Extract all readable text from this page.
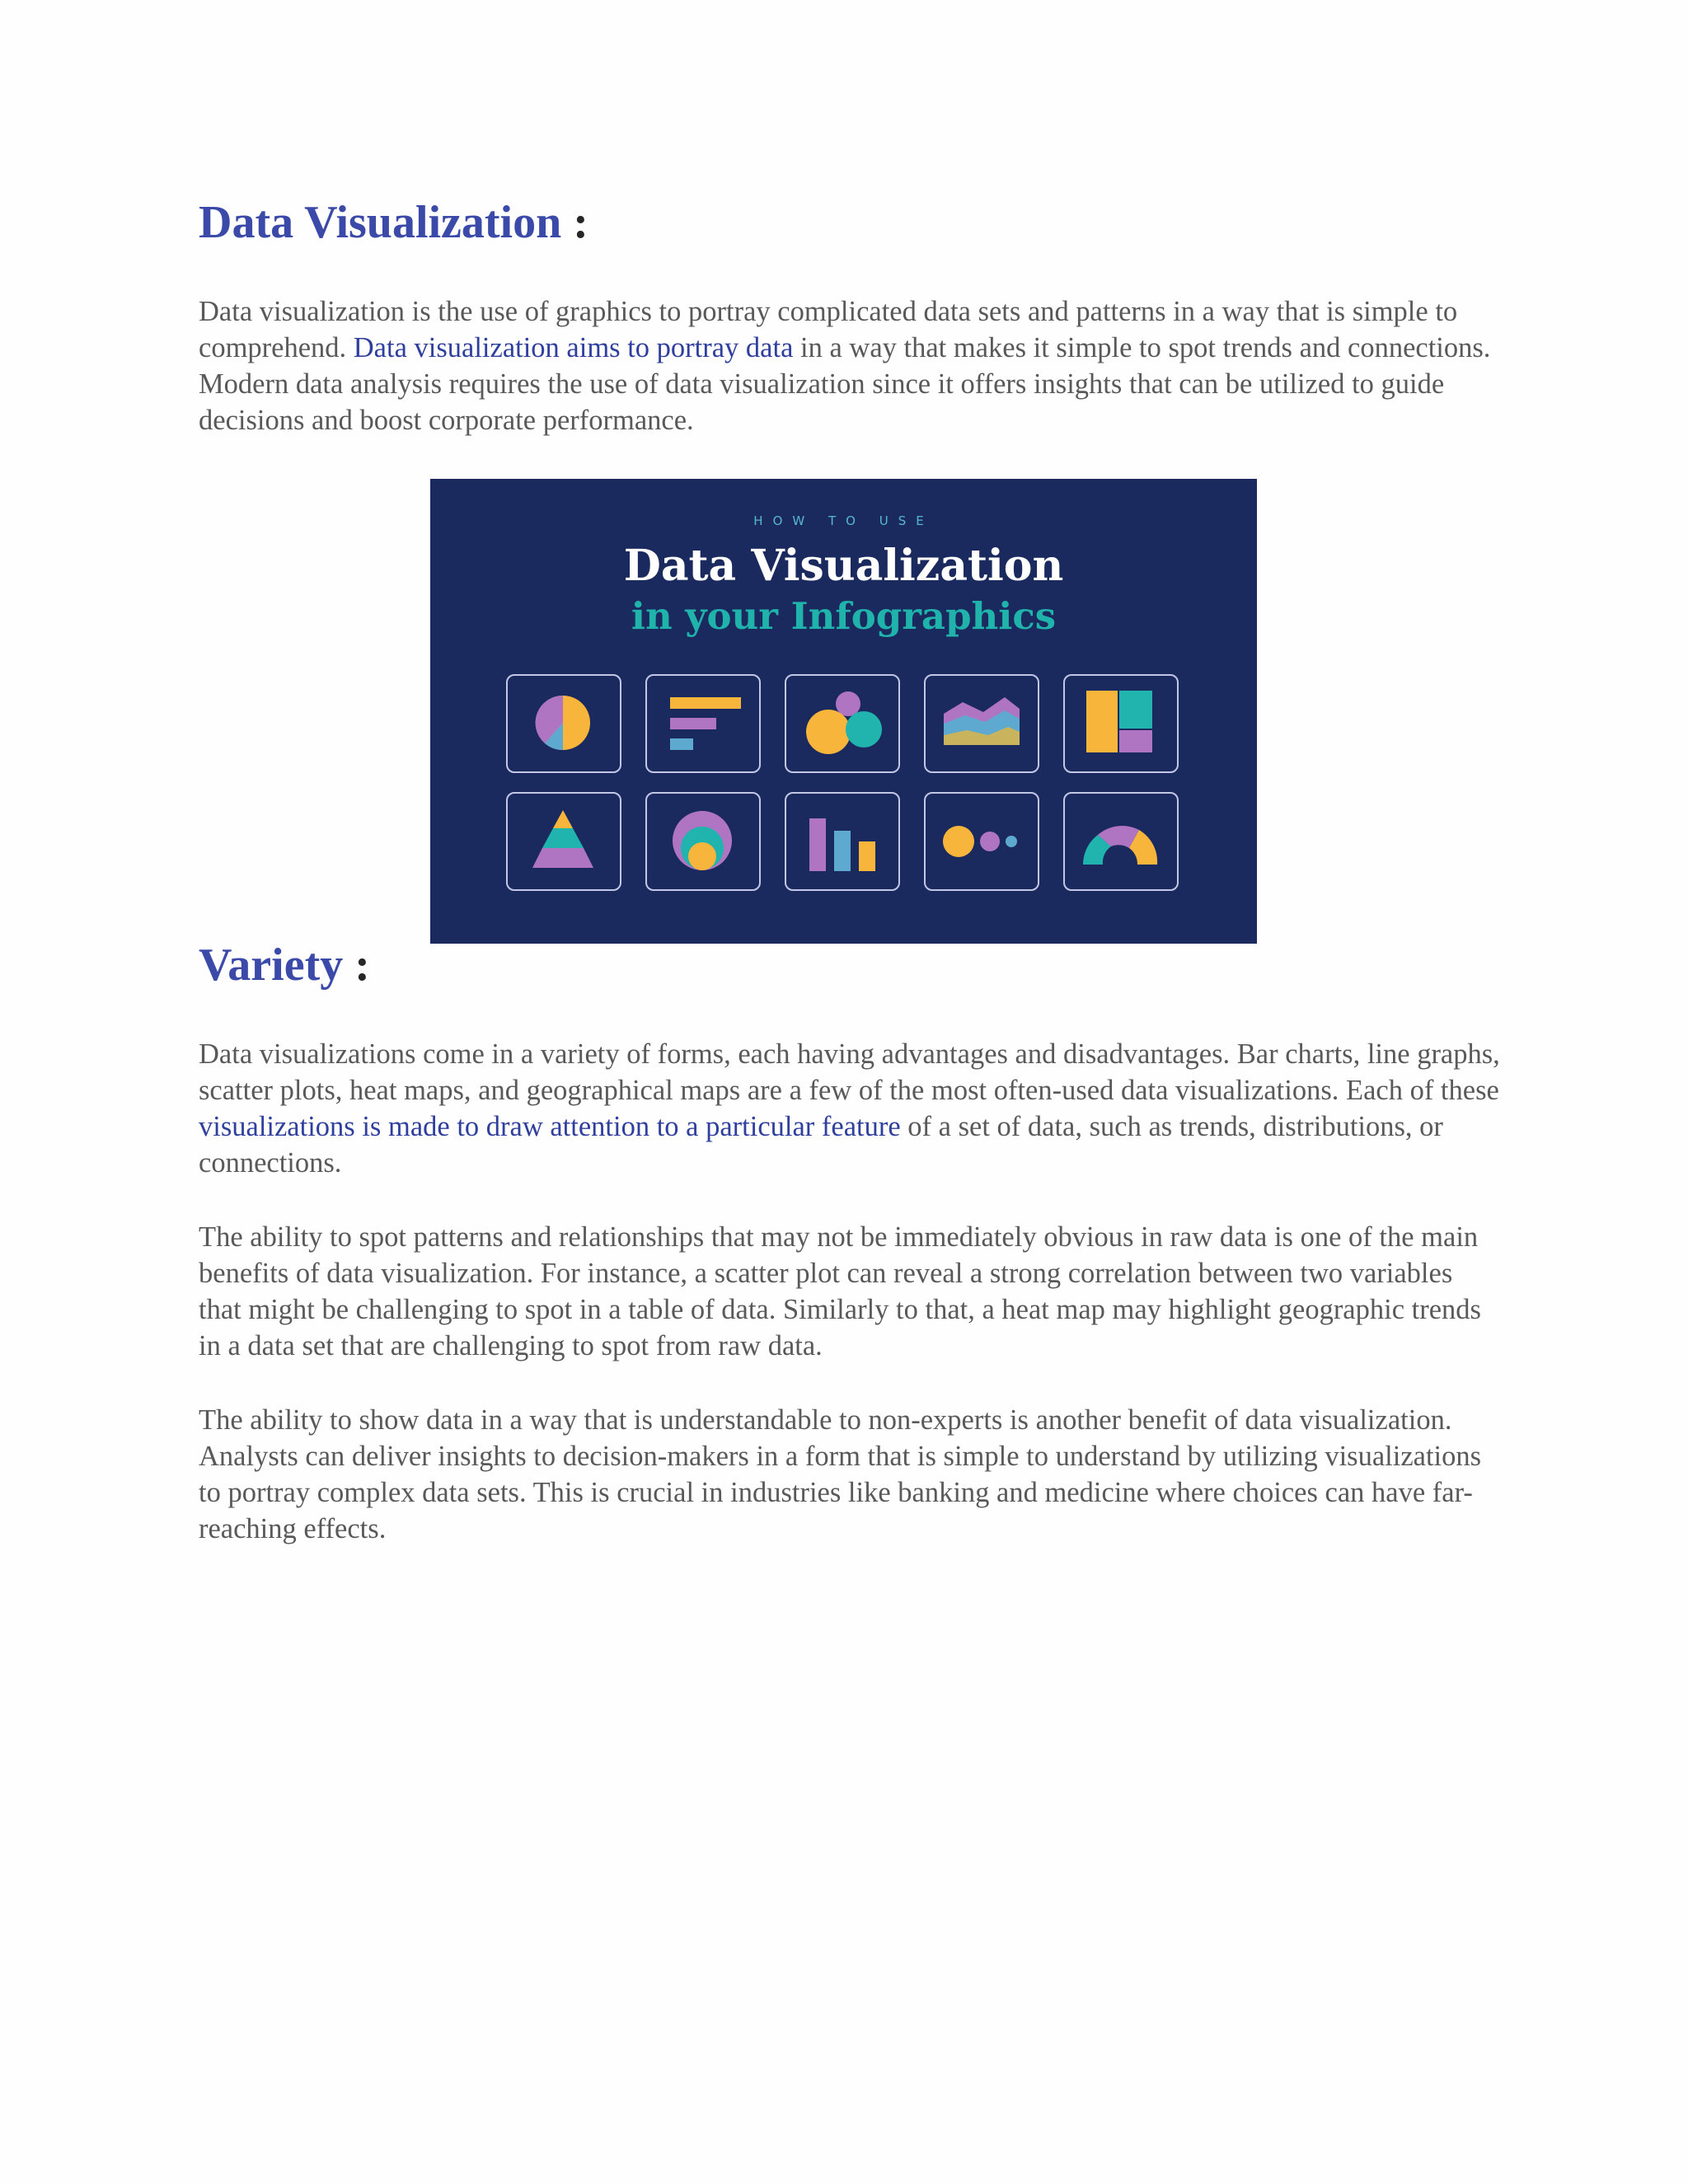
Data Visualization :

Data visualization is the use of graphics to portray complicated data sets and patterns in a way that is simple to comprehend. Data visualization aims to portray data in a way that makes it simple to spot trends and connections. Modern data analysis requires the use of data visualization since it offers insights that can be utilized to guide decisions and boost corporate performance.

Variety :

Data visualizations come in a variety of forms, each having advantages and disadvantages. Bar charts, line graphs, scatter plots, heat maps, and geographical maps are a few of the most often-used data visualizations. Each of these visualizations is made to draw attention to a particular feature of a set of data, such as trends, distributions, or connections.

The ability to spot patterns and relationships that may not be immediately obvious in raw data is one of the main benefits of data visualization. For instance, a scatter plot can reveal a strong correlation between two variables that might be challenging to spot in a table of data. Similarly to that, a heat map may highlight geographic trends in a data set that are challenging to spot from raw data.

The ability to show data in a way that is understandable to non-experts is another benefit of data visualization. Analysts can deliver insights to decision-makers in a form that is simple to understand by utilizing visualizations to portray complex data sets. This is crucial in industries like banking and medicine where choices can have far-reaching effects.

HOW TO USE
Data Visualization
in your Infographics
